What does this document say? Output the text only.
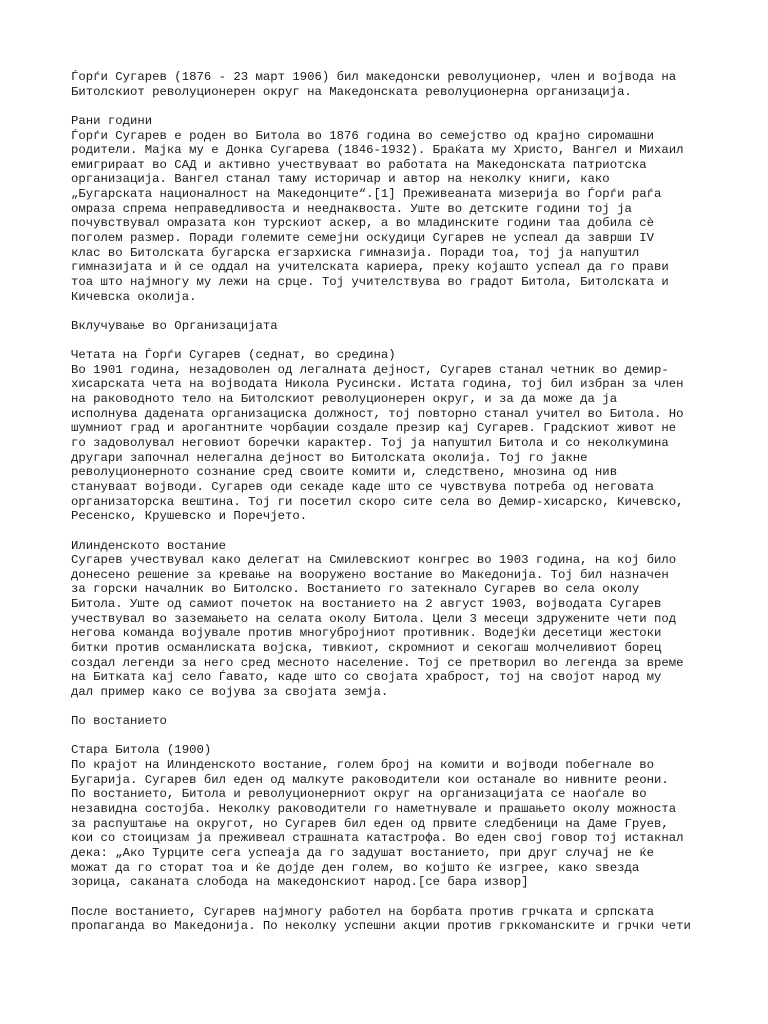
Ѓорѓи Сугарев (1876 - 23 март 1906) бил македонски револуционер, член и војвода на
Битолскиот револуционерен округ на Македонската револуционерна организација.
Рани години
Ѓорѓи Сугарев е роден во Битола во 1876 година во семејство од крајно сиромашни
родители. Мајка му е Донка Сугарева (1846-1932). Браќата му Христо, Вангел и Михаил
емигрираат во САД и активно учествуваат во работата на Македонската патриотска
организација. Вангел станал таму историчар и автор на неколку книги, како
„Бугарската националност на Македонците“.[1] Преживеаната мизерија во Ѓорѓи раѓа
омраза спрема неправедливоста и нееднаквоста. Уште во детските години тој ја
почувствувал омразата кон турскиот аскер, а во младинските години таа добила сѐ
поголем размер. Поради големите семејни оскудици Сугарев не успеал да заврши IV
клас во Битолската бугарска егзархиска гимназија. Поради тоа, тој ја напуштил
гимназијата и ѝ се оддал на учителската кариера, преку којашто успеал да го прави
тоа што најмногу му лежи на срце. Тој учителствува во градот Битола, Битолската и
Кичевска околија.
Вклучување во Организацијата
Четата на Ѓорѓи Сугарев (седнат, во средина)
Во 1901 година, незадоволен од легалната дејност, Сугарев станал четник во демир-
хисарската чета на војводата Никола Русински. Истата година, тој бил избран за член
на раководното тело на Битолскиот револуционерен округ, и за да може да ја
исполнува дадената организациска должност, тој повторно станал учител во Битола. Но
шумниот град и арогантните чорбаџии создале презир кај Сугарев. Градскиот живот не
го задоволувал неговиот боречки карактер. Тој ја напуштил Битола и со неколкумина
другари започнал нелегална дејност во Битолската околија. Тој го јакне
револуционерното сознание сред своите комити и, следствено, мнозина од нив
стануваат војводи. Сугарев оди секаде каде што се чувствува потреба од неговата
организаторска вештина. Тој ги посетил скоро сите села во Демир-хисарско, Кичевско,
Ресенско, Крушевско и Поречјето.
Илинденското востание
Сугарев учествувал како делегат на Смилевскиот конгрес во 1903 година, на кој било
донесено решение за кревање на вооружено востание во Македонија. Тој бил назначен
за горски началник во Битолско. Востанието го затекнало Сугарев во села околу
Битола. Уште од самиот почеток на востанието на 2 август 1903, војводата Сугарев
учествувал во заземањето на селата околу Битола. Цели 3 месеци здружените чети под
негова команда војувале против многубројниот противник. Водејќи десетици жестоки
битки против османлиската војска, тивкиот, скромниот и секогаш молчеливиот борец
создал легенди за него сред месното население. Тој се претворил во легенда за време
на Битката кај село Ѓавато, каде што со својата храброст, тој на својот народ му
дал пример како се војува за својата земја.
По востанието
Стара Битола (1900)
По крајот на Илинденското востание, голем број на комити и војводи побегнале во
Бугарија. Сугарев бил еден од малкуте раководители кои останале во нивните реони.
По востанието, Битола и револуционерниот округ на организацијата се наоѓале во
незавидна состојба. Неколку раководители го наметнувале и прашањето околу можноста
за распуштање на округот, но Сугарев бил еден од првите следбеници на Даме Груев,
кои со стоицизам ја преживеал страшната катастрофа. Во еден свој говор тој истакнал
дека: „Ако Турците сега успеаја да го задушат востанието, при друг случај не ќе
можат да го сторат тоа и ќе дојде ден голем, во којшто ќе изгрее, како ѕвезда
зорица, саканата слобода на македонскиот народ.[се бара извор]
После востанието, Сугарев најмногу работел на борбата против грчката и српската
пропаганда во Македонија. По неколку успешни акции против грккоманските и грчки чети
